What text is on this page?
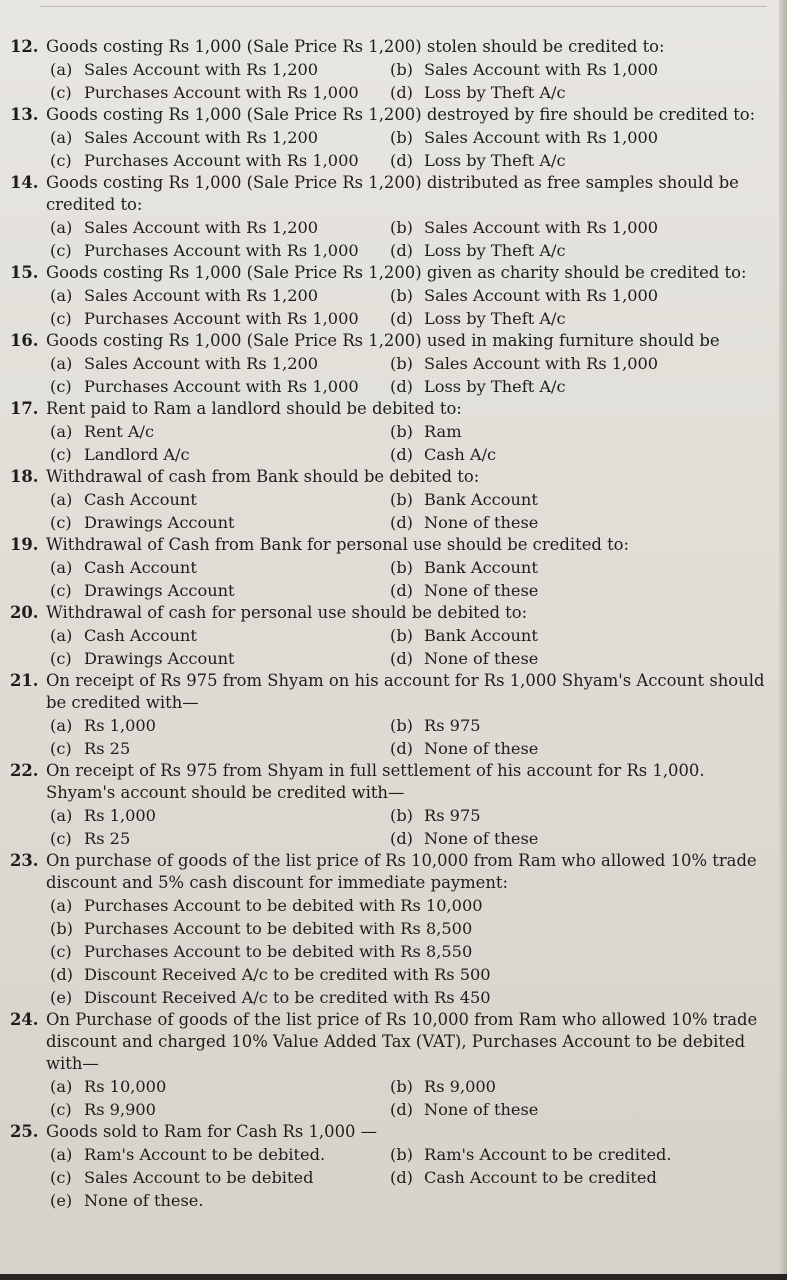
12. Goods costing Rs 1,000 (Sale Price Rs 1,200) stolen should be credited to:
(a) Sales Account with Rs 1,200	(b) Sales Account with Rs 1,000
(c) Purchases Account with Rs 1,000 (d) Loss by Theft A/c
13. Goods costing Rs 1,000 (Sale Price Rs 1,200) destroyed by fire should be credited to:
(a) Sales Account with Rs 1,200	(b) Sales Account with Rs 1,000
(c) Purchases Account with Rs 1,000 (d) Loss by Theft A/c
14. Goods costing Rs 1,000 (Sale Price Rs 1,200) distributed as free samples should be credited to:
(a) Sales Account with Rs 1,200	(b) Sales Account with Rs 1,000
(c) Purchases Account with Rs 1,000 (d) Loss by Theft A/c
15. Goods costing Rs 1,000 (Sale Price Rs 1,200) given as charity should be credited to:
(a) Sales Account with Rs 1,200	(b) Sales Account with Rs 1,000
(c) Purchases Account with Rs 1,000 (d) Loss by Theft A/c
16. Goods costing Rs 1,000 (Sale Price Rs 1,200) used in making furniture should be
(a) Sales Account with Rs 1,200	(b) Sales Account with Rs 1,000
(c) Purchases Account with Rs 1,000 (d) Loss by Theft A/c
17. Rent paid to Ram a landlord should be debited to:
(a) Rent A/c	(b) Ram
(c) Landlord A/c	(d) Cash A/c
18. Withdrawal of cash from Bank should be debited to:
(a) Cash Account	(b) Bank Account
(c) Drawings Account	(d) None of these
19. Withdrawal of Cash from Bank for personal use should be credited to:
(a) Cash Account	(b) Bank Account
(c) Drawings Account	(d) None of these
20. Withdrawal of cash for personal use should be debited to:
(a) Cash Account	(b) Bank Account
(c) Drawings Account	(d) None of these
21. On receipt of Rs 975 from Shyam on his account for Rs 1,000 Shyam's Account should be credited with—
(a) Rs 1,000	(b) Rs 975
(c) Rs 25	(d) None of these
22. On receipt of Rs 975 from Shyam in full settlement of his account for Rs 1,000. Shyam's account should be credited with—
(a) Rs 1,000	(b) Rs 975
(c) Rs 25	(d) None of these
23. On purchase of goods of the list price of Rs 10,000 from Ram who allowed 10% trade discount and 5% cash discount for immediate payment:
(a) Purchases Account to be debited with Rs 10,000
(b) Purchases Account to be debited with Rs 8,500
(c) Purchases Account to be debited with Rs 8,550
(d) Discount Received A/c to be credited with Rs 500
(e) Discount Received A/c to be credited with Rs 450
24. On Purchase of goods of the list price of Rs 10,000 from Ram who allowed 10% trade discount and charged 10% Value Added Tax (VAT), Purchases Account to be debited with—
(a) Rs 10,000	(b) Rs 9,000
(c) Rs 9,900	(d) None of these
25. Goods sold to Ram for Cash Rs 1,000 —
(a) Ram's Account to be debited.	(b) Ram's Account to be credited.
(c) Sales Account to be debited	(d) Cash Account to be credited
(e) None of these.
